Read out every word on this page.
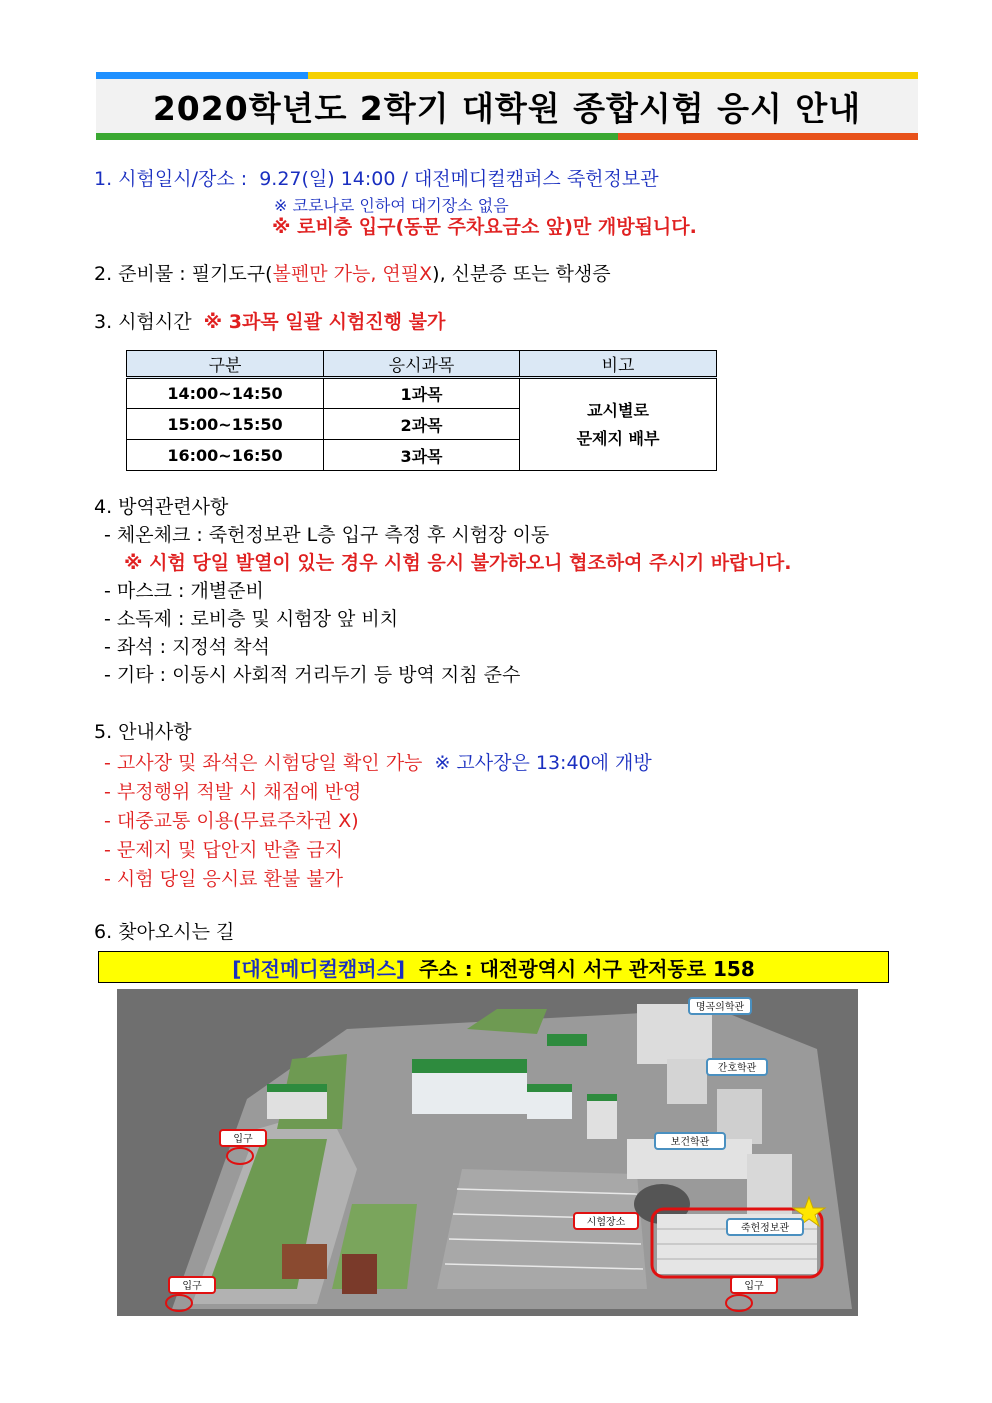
2020학년도 2학기 대학원 종합시험 응시 안내
1. 시험일시/장소 : 9.27(일) 14:00 / 대전메디컬캠퍼스 죽헌정보관
※ 코로나로 인하여 대기장소 없음
※ 로비층 입구(동문 주차요금소 앞)만 개방됩니다.
2. 준비물 : 필기도구(볼펜만 가능, 연필X), 신분증 또는 학생증
3. 시험시간 ※ 3과목 일괄 시험진행 불가
구분	응시과목	비고
14:00~14:50	1과목	교시별로
문제지 배부

15:00~15:50	2과목	
16:00~16:50	3과목	
4. 방역관련사항
- 체온체크 : 죽헌정보관 L층 입구 측정 후 시험장 이동
※ 시험 당일 발열이 있는 경우 시험 응시 불가하오니 협조하여 주시기 바랍니다.
- 마스크 : 개별준비
- 소독제 : 로비층 및 시험장 앞 비치
- 좌석 : 지정석 착석
- 기타 : 이동시 사회적 거리두기 등 방역 지침 준수
5. 안내사항
- 고사장 및 좌석은 시험당일 확인 가능 ※ 고사장은 13:40에 개방
- 부정행위 적발 시 채점에 반영
- 대중교통 이용(무료주차권 X)
- 문제지 및 답안지 반출 금지
- 시험 당일 응시료 환불 불가
6. 찾아오시는 길
[대전메디컬캠퍼스] 주소 : 대전광역시 서구 관저동로 158
명곡의학관
간호학관
보건학관
죽헌정보관
시험장소
입구
입구	입구
